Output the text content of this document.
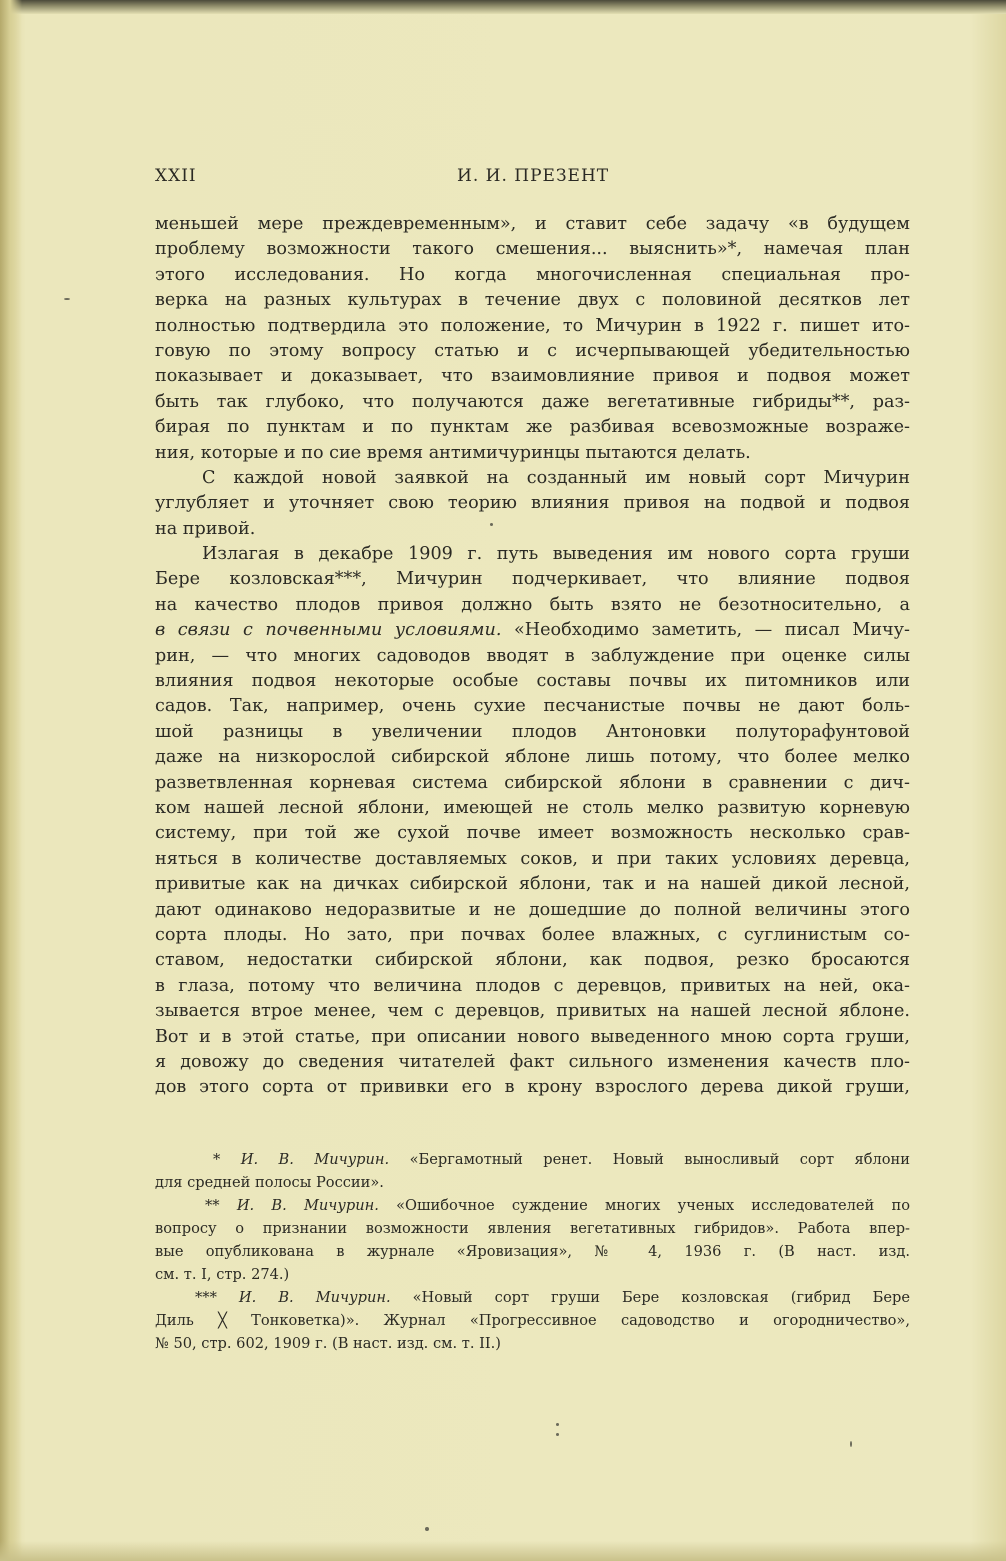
XXII	И. И. ПРЕЗЕНТ
меньшей мере преждевременным», и ставит себе задачу «в будущем
проблему возможности такого смешения... выяснить»*, намечая план
этого исследования. Но когда многочисленная специальная про-
верка на разных культурах в течение двух с половиной десятков лет
полностью подтвердила это положение, то Мичурин в 1922 г. пишет ито-
говую по этому вопросу статью и с исчерпывающей убедительностью
показывает и доказывает, что взаимовлияние привоя и подвоя может
быть так глубоко, что получаются даже вегетативные гибриды**, раз-
бирая по пунктам и по пунктам же разбивая всевозможные возраже-
ния, которые и по сие время антимичуринцы пытаются делать.
С каждой новой заявкой на созданный им новый сорт Мичурин
углубляет и уточняет свою теорию влияния привоя на подвой и подвоя
на привой.
Излагая в декабре 1909 г. путь выведения им нового сорта груши
Бере козловская***, Мичурин подчеркивает, что влияние подвоя
на качество плодов привоя должно быть взято не безотносительно, а
в связи с почвенными условиями. «Необходимо заметить, — писал Мичу-
рин, — что многих садоводов вводят в заблуждение при оценке силы
влияния подвоя некоторые особые составы почвы их питомников или
садов. Так, например, очень сухие песчанистые почвы не дают боль-
шой разницы в увеличении плодов Антоновки полуторафунтовой
даже на низкорослой сибирской яблоне лишь потому, что более мелко
разветвленная корневая система сибирской яблони в сравнении с дич-
ком нашей лесной яблони, имеющей не столь мелко развитую корневую
систему, при той же сухой почве имеет возможность несколько срав-
няться в количестве доставляемых соков, и при таких условиях деревца,
привитые как на дичках сибирской яблони, так и на нашей дикой лесной,
дают одинаково недоразвитые и не дошедшие до полной величины этого
сорта плоды. Но зато, при почвах более влажных, с суглинистым со-
ставом, недостатки сибирской яблони, как подвоя, резко бросаются
в глаза, потому что величина плодов с деревцов, привитых на ней, ока-
зывается втрое менее, чем с деревцов, привитых на нашей лесной яблоне.
Вот и в этой статье, при описании нового выведенного мною сорта груши,
я довожу до сведения читателей факт сильного изменения качеств пло-
дов этого сорта от прививки его в крону взрослого дерева дикой груши,
* И. В. Мичурин. «Бергамотный ренет. Новый выносливый сорт яблони
для средней полосы России».
** И. В. Мичурин. «Ошибочное суждение многих ученых исследователей по
вопросу о признании возможности явления вегетативных гибридов». Работа впер-
вые опубликована в журнале «Яровизация», № 4, 1936 г. (В наст. изд.
см. т. I, стр. 274.)
*** И. В. Мичурин. «Новый сорт груши Бере козловская (гибрид Бере
Диль ╳ Тонковетка)». Журнал «Прогрессивное садоводство и огородничество»,
№ 50, стр. 602, 1909 г. (В наст. изд. см. т. II.)
